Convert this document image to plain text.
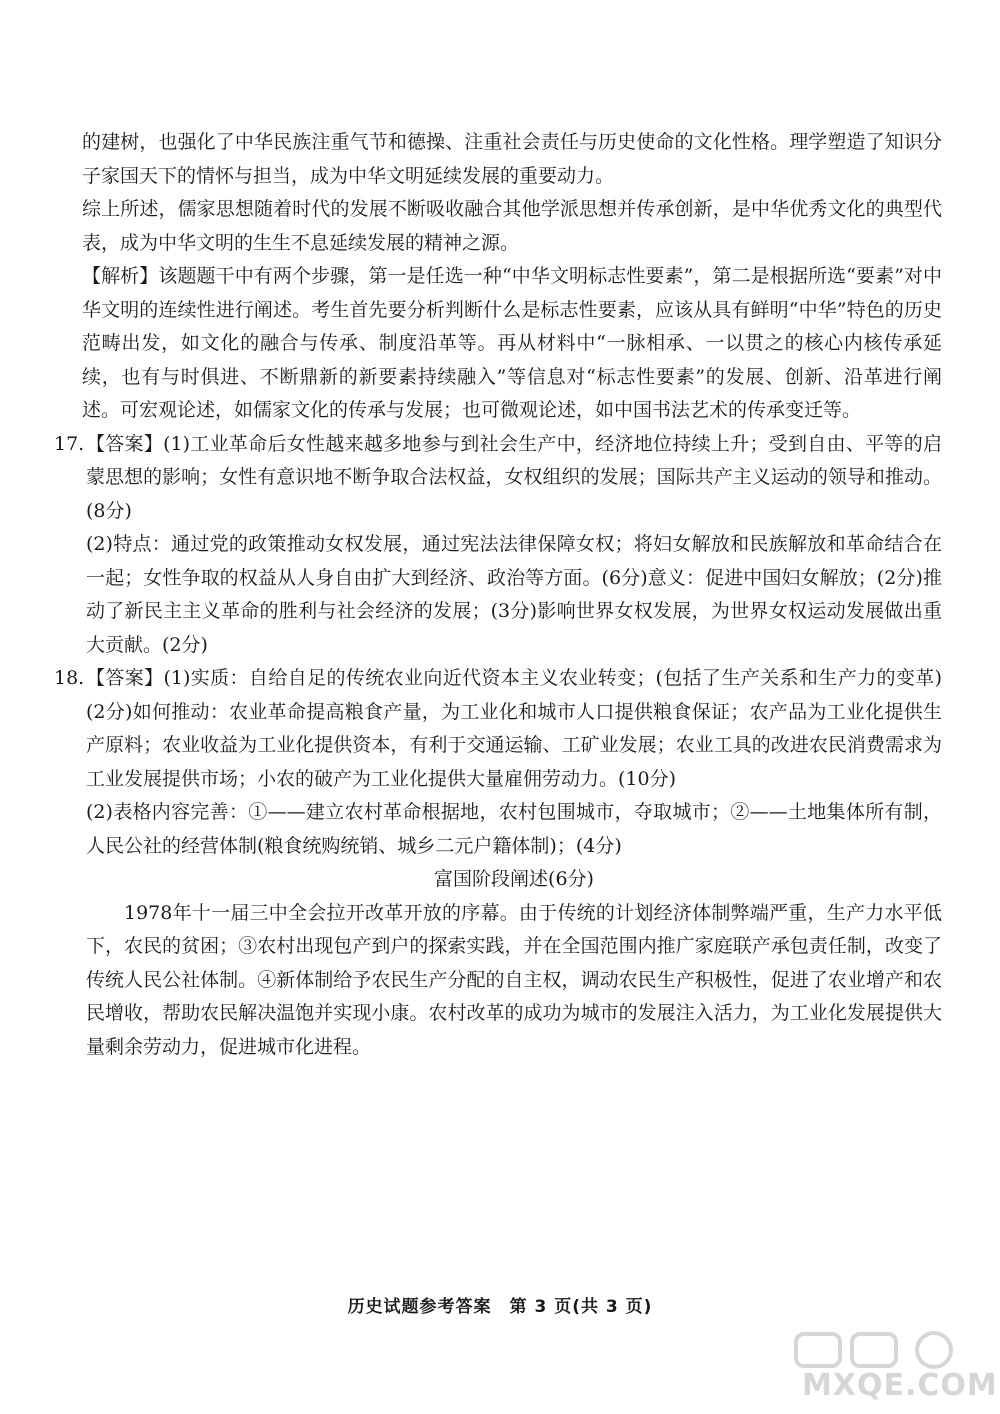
的建树，也强化了中华民族注重气节和德操、注重社会责任与历史使命的文化性格。理学塑造了知识分子家国天下的情怀与担当，成为中华文明延续发展的重要动力。

综上所述，儒家思想随着时代的发展不断吸收融合其他学派思想并传承创新，是中华优秀文化的典型代表，成为中华文明的生生不息延续发展的精神之源。

【解析】该题题干中有两个步骤，第一是任选一种“中华文明标志性要素”，第二是根据所选“要素”对中华文明的连续性进行阐述。考生首先要分析判断什么是标志性要素，应该从具有鲜明“中华”特色的历史范畴出发，如文化的融合与传承、制度沿革等。再从材料中“一脉相承、一以贯之的核心内核传承延续，也有与时俱进、不断鼎新的新要素持续融入”等信息对“标志性要素”的发展、创新、沿革进行阐述。可宏观论述，如儒家文化的传承与发展；也可微观论述，如中国书法艺术的传承变迁等。

17. 【答案】(1)工业革命后女性越来越多地参与到社会生产中，经济地位持续上升；受到自由、平等的启蒙思想的影响；女性有意识地不断争取合法权益，女权组织的发展；国际共产主义运动的领导和推动。(8分)

(2)特点：通过党的政策推动女权发展，通过宪法法律保障女权；将妇女解放和民族解放和革命结合在一起；女性争取的权益从人身自由扩大到经济、政治等方面。(6分)意义：促进中国妇女解放；(2分)推动了新民主主义革命的胜利与社会经济的发展；(3分)影响世界女权发展，为世界女权运动发展做出重大贡献。(2分)

18. 【答案】(1)实质：自给自足的传统农业向近代资本主义农业转变；(包括了生产关系和生产力的变革)(2分)如何推动：农业革命提高粮食产量，为工业化和城市人口提供粮食保证；农产品为工业化提供生产原料；农业收益为工业化提供资本，有利于交通运输、工矿业发展；农业工具的改进农民消费需求为工业发展提供市场；小农的破产为工业化提供大量雇佣劳动力。(10分)

(2)表格内容完善：①——建立农村革命根据地，农村包围城市，夺取城市；②——土地集体所有制，人民公社的经营体制(粮食统购统销、城乡二元户籍体制)；(4分)

富国阶段阐述(6分)

1978年十一届三中全会拉开改革开放的序幕。由于传统的计划经济体制弊端严重，生产力水平低下，农民的贫困；③农村出现包产到户的探索实践，并在全国范围内推广家庭联产承包责任制，改变了传统人民公社体制。④新体制给予农民生产分配的自主权，调动农民生产积极性，促进了农业增产和农民增收，帮助农民解决温饱并实现小康。农村改革的成功为城市的发展注入活力，为工业化发展提供大量剩余劳动力，促进城市化进程。

历史试题参考答案　第 3 页(共 3 页)
MXQE.COM
